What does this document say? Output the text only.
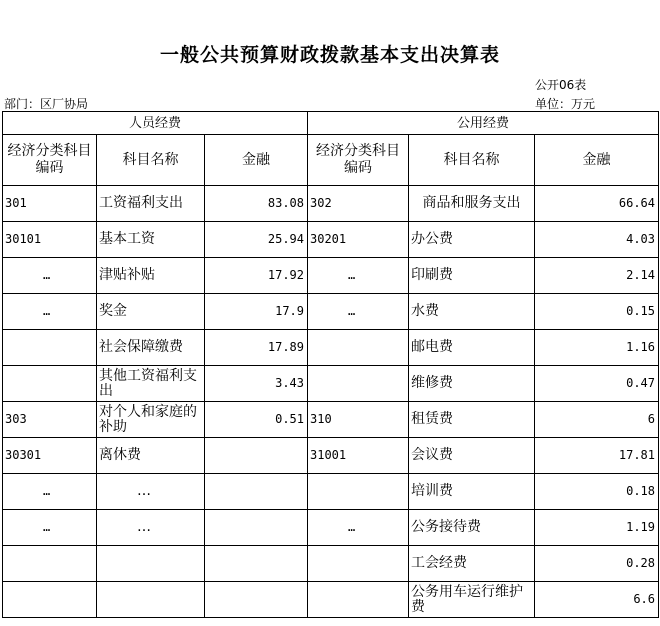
一般公共预算财政拨款基本支出决算表
公开06表
部门：区厂协局	单位：万元
人员经费			公用经费		
经济分类科目编码	科目名称	金融	经济分类科目编码	科目名称	金融
301	工资福利支出	83.08	302	商品和服务支出	66.64
30101	基本工资	25.94	30201	办公费	4.03
…	津贴补贴	17.92	…	印刷费	2.14
…	奖金	17.9	…	水费	0.15
	社会保障缴费	17.89		邮电费	1.16
	其他工资福利支出	3.43		维修费	0.47
303	对个人和家庭的补助	0.51	310	租赁费	6
30301	离休费		31001	会议费	17.81
…	…			培训费	0.18
…	…		…	公务接待费	1.19
				工会经费	0.28
				公务用车运行维护费	6.6
